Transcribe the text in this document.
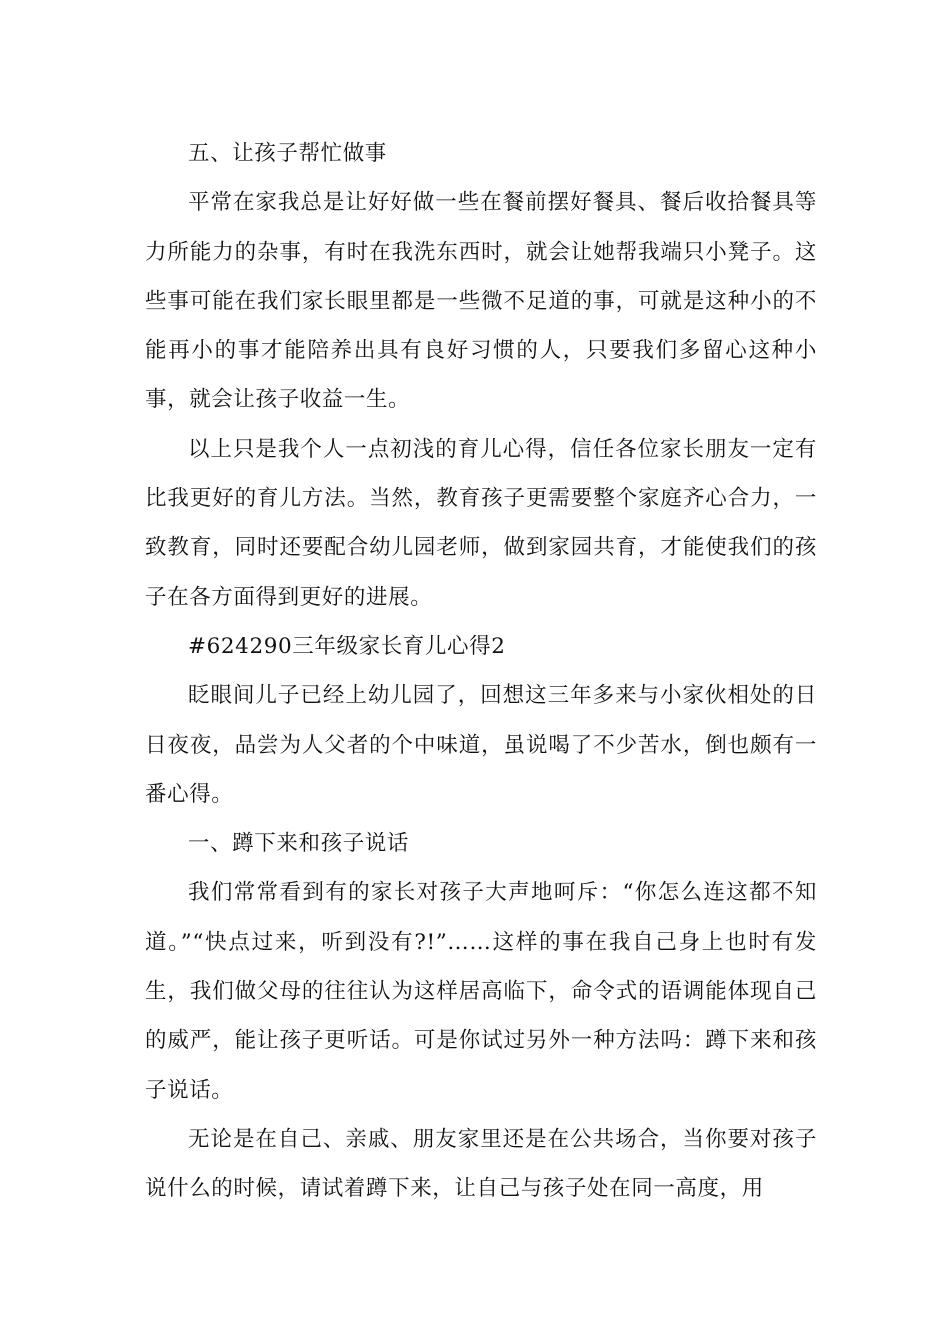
五、让孩子帮忙做事

平常在家我总是让好好做一些在餐前摆好餐具、餐后收拾餐具等力所能力的杂事，有时在我洗东西时，就会让她帮我端只小凳子。这些事可能在我们家长眼里都是一些微不足道的事，可就是这种小的不能再小的事才能陪养出具有良好习惯的人，只要我们多留心这种小事，就会让孩子收益一生。

以上只是我个人一点初浅的育儿心得，信任各位家长朋友一定有比我更好的育儿方法。当然，教育孩子更需要整个家庭齐心合力，一致教育，同时还要配合幼儿园老师，做到家园共育，才能使我们的孩子在各方面得到更好的进展。

#624290三年级家长育儿心得2

眨眼间儿子已经上幼儿园了，回想这三年多来与小家伙相处的日日夜夜，品尝为人父者的个中味道，虽说喝了不少苦水，倒也颇有一番心得。

一、蹲下来和孩子说话

我们常常看到有的家长对孩子大声地呵斥：“你怎么连这都不知道。”“快点过来，听到没有?!”……这样的事在我自己身上也时有发生，我们做父母的往往认为这样居高临下，命令式的语调能体现自己的威严，能让孩子更听话。可是你试过另外一种方法吗：蹲下来和孩子说话。

无论是在自己、亲戚、朋友家里还是在公共场合，当你要对孩子说什么的时候，请试着蹲下来，让自己与孩子处在同一高度，用
